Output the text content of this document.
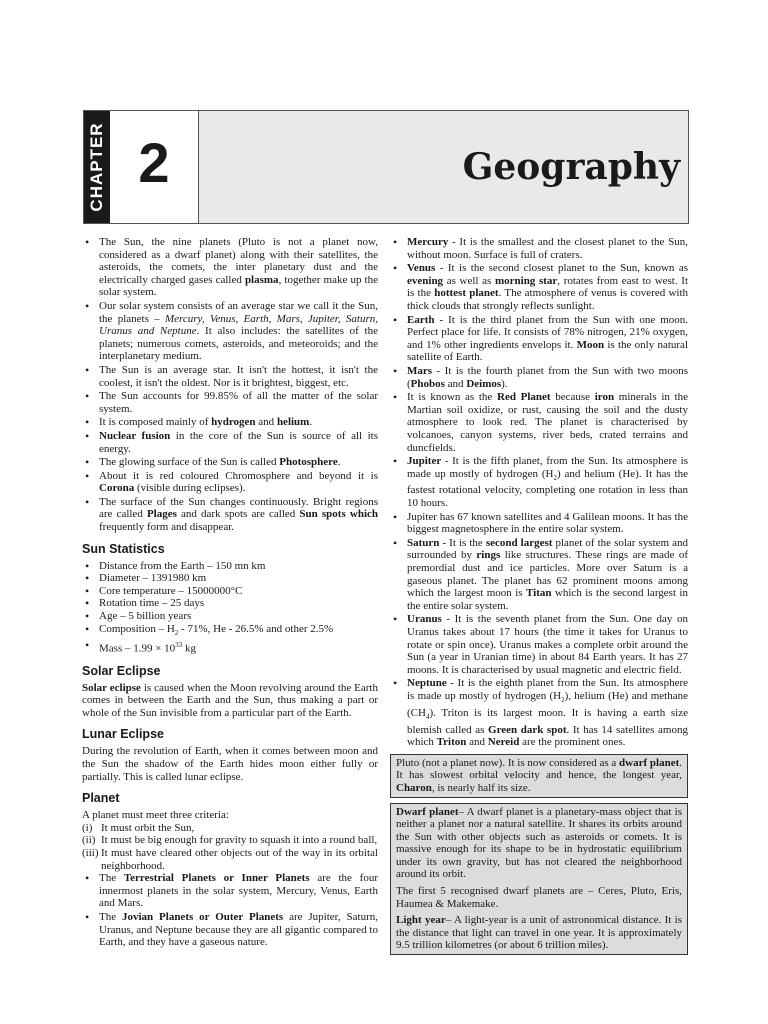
CHAPTER 2	Geography
• The Sun, the nine planets (Pluto is not a planet now, considered as a dwarf planet) along with their satellites, the asteroids, the comets, the inter planetary dust and the electrically charged gases called plasma, together make up the solar system.
• Our solar system consists of an average star we call it the Sun, the planets – Mercury, Venus, Earth, Mars, Jupiter, Saturn, Uranus and Neptune. It also includes: the satellites of the planets; numerous comets, asteroids, and meteoroids; and the interplanetary medium.
• The Sun is an average star. It isn't the hottest, it isn't the coolest, it isn't the oldest. Nor is it brightest, biggest, etc.
• The Sun accounts for 99.85% of all the matter of the solar system.
• It is composed mainly of hydrogen and helium.
• Nuclear fusion in the core of the Sun is source of all its energy.
• The glowing surface of the Sun is called Photosphere.
• About it is red coloured Chromosphere and beyond it is Corona (visible during eclipses).
• The surface of the Sun changes continuously. Bright regions are called Plages and dark spots are called Sun spots which frequently form and disappear.
Sun Statistics
• Distance from the Earth – 150 mn km
• Diameter – 1391980 km
• Core temperature – 15000000°C
• Rotation time – 25 days
• Age – 5 billion years
• Composition – $H_2 - 71\%$, He - 26.5% and other 2.5%
• Mass – $1.99 \times 10^{33}$ kg
Solar Eclipse

Solar eclipse is caused when the Moon revolving around the Earth comes in between the Earth and the Sun, thus making a part or whole of the Sun invisible from a particular part of the Earth.

Lunar Eclipse

During the revolution of Earth, when it comes between moon and the Sun the shadow of the Earth hides moon either fully or partially. This is called lunar eclipse.

Planet

A planet must meet three criteria:

(i) It must orbit the Sun,
(ii) It must be big enough for gravity to squash it into a round ball,
(iii) It must have cleared other objects out of the way in its orbital neighborhood.
• The Terrestrial Planets or Inner Planets are the four innermost planets in the solar system, Mercury, Venus, Earth and Mars.
• The Jovian Planets or Outer Planets are Jupiter, Saturn, Uranus, and Neptune because they are all gigantic compared to Earth, and they have a gaseous nature.
• Mercury - It is the smallest and the closest planet to the Sun, without moon. Surface is full of craters.
• Venus - It is the second closest planet to the Sun, known as evening as well as morning star, rotates from east to west. It is the hottest planet. The atmosphere of venus is covered with thick clouds that strongly reflects sunlight.
• Earth - It is the third planet from the Sun with one moon. Perfect place for life. It consists of 78% nitrogen, 21% oxygen, and 1% other ingredients envelops it. Moon is the only natural satellite of Earth.
• Mars - It is the fourth planet from the Sun with two moons (Phobos and Deimos).
• It is known as the Red Planet because iron minerals in the Martian soil oxidize, or rust, causing the soil and the dusty atmosphere to look red. The planet is characterised by volcanoes, canyon systems, river beds, crated terrains and duncfields.
• Jupiter - It is the fifth planet, from the Sun. Its atmosphere is made up mostly of hydrogen $(H_2)$ and helium (He). It has the fastest rotational velocity, completing one rotation in less than 10 hours.
• Jupiter has 67 known satellites and 4 Galilean moons. It has the biggest magnetosphere in the entire solar system.
• Saturn - It is the second largest planet of the solar system and surrounded by rings like structures. These rings are made of premordial dust and ice particles. More over Saturn is a gaseous planet. The planet has 62 prominent moons among which the largest moon is Titan which is the second largest in the entire solar system.
• Uranus - It is the seventh planet from the Sun. One day on Uranus takes about 17 hours (the time it takes for Uranus to rotate or spin once). Uranus makes a complete orbit around the Sun (a year in Uranian time) in about 84 Earth years. It has 27 moons. It is characterised by usual magnetic and electric field.
• Neptune - It is the eighth planet from the Sun. Its atmosphere is made up mostly of hydrogen $(H_2)$, helium (He) and methane $(CH_4)$. Triton is its largest moon. It is having a earth size blemish called as Green dark spot. It has 14 satellites among which Triton and Nereid are the prominent ones.

Pluto (not a planet now). It is now considered as a dwarf planet. It has slowest orbital velocity and hence, the longest year, Charon, is nearly half its size.

Dwarf planet– A dwarf planet is a planetary-mass object that is neither a planet nor a natural satellite. It shares its orbits around the Sun with other objects such as asteroids or comets. It is massive enough for its shape to be in hydrostatic equilibrium under its own gravity, but has not cleared the neighborhood around its orbit.

The first 5 recognised dwarf planets are – Ceres, Pluto, Eris, Haumea & Makemake.

Light year– A light-year is a unit of astronomical distance. It is the distance that light can travel in one year. It is approximately 9.5 trillion kilometres (or about 6 trillion miles).
